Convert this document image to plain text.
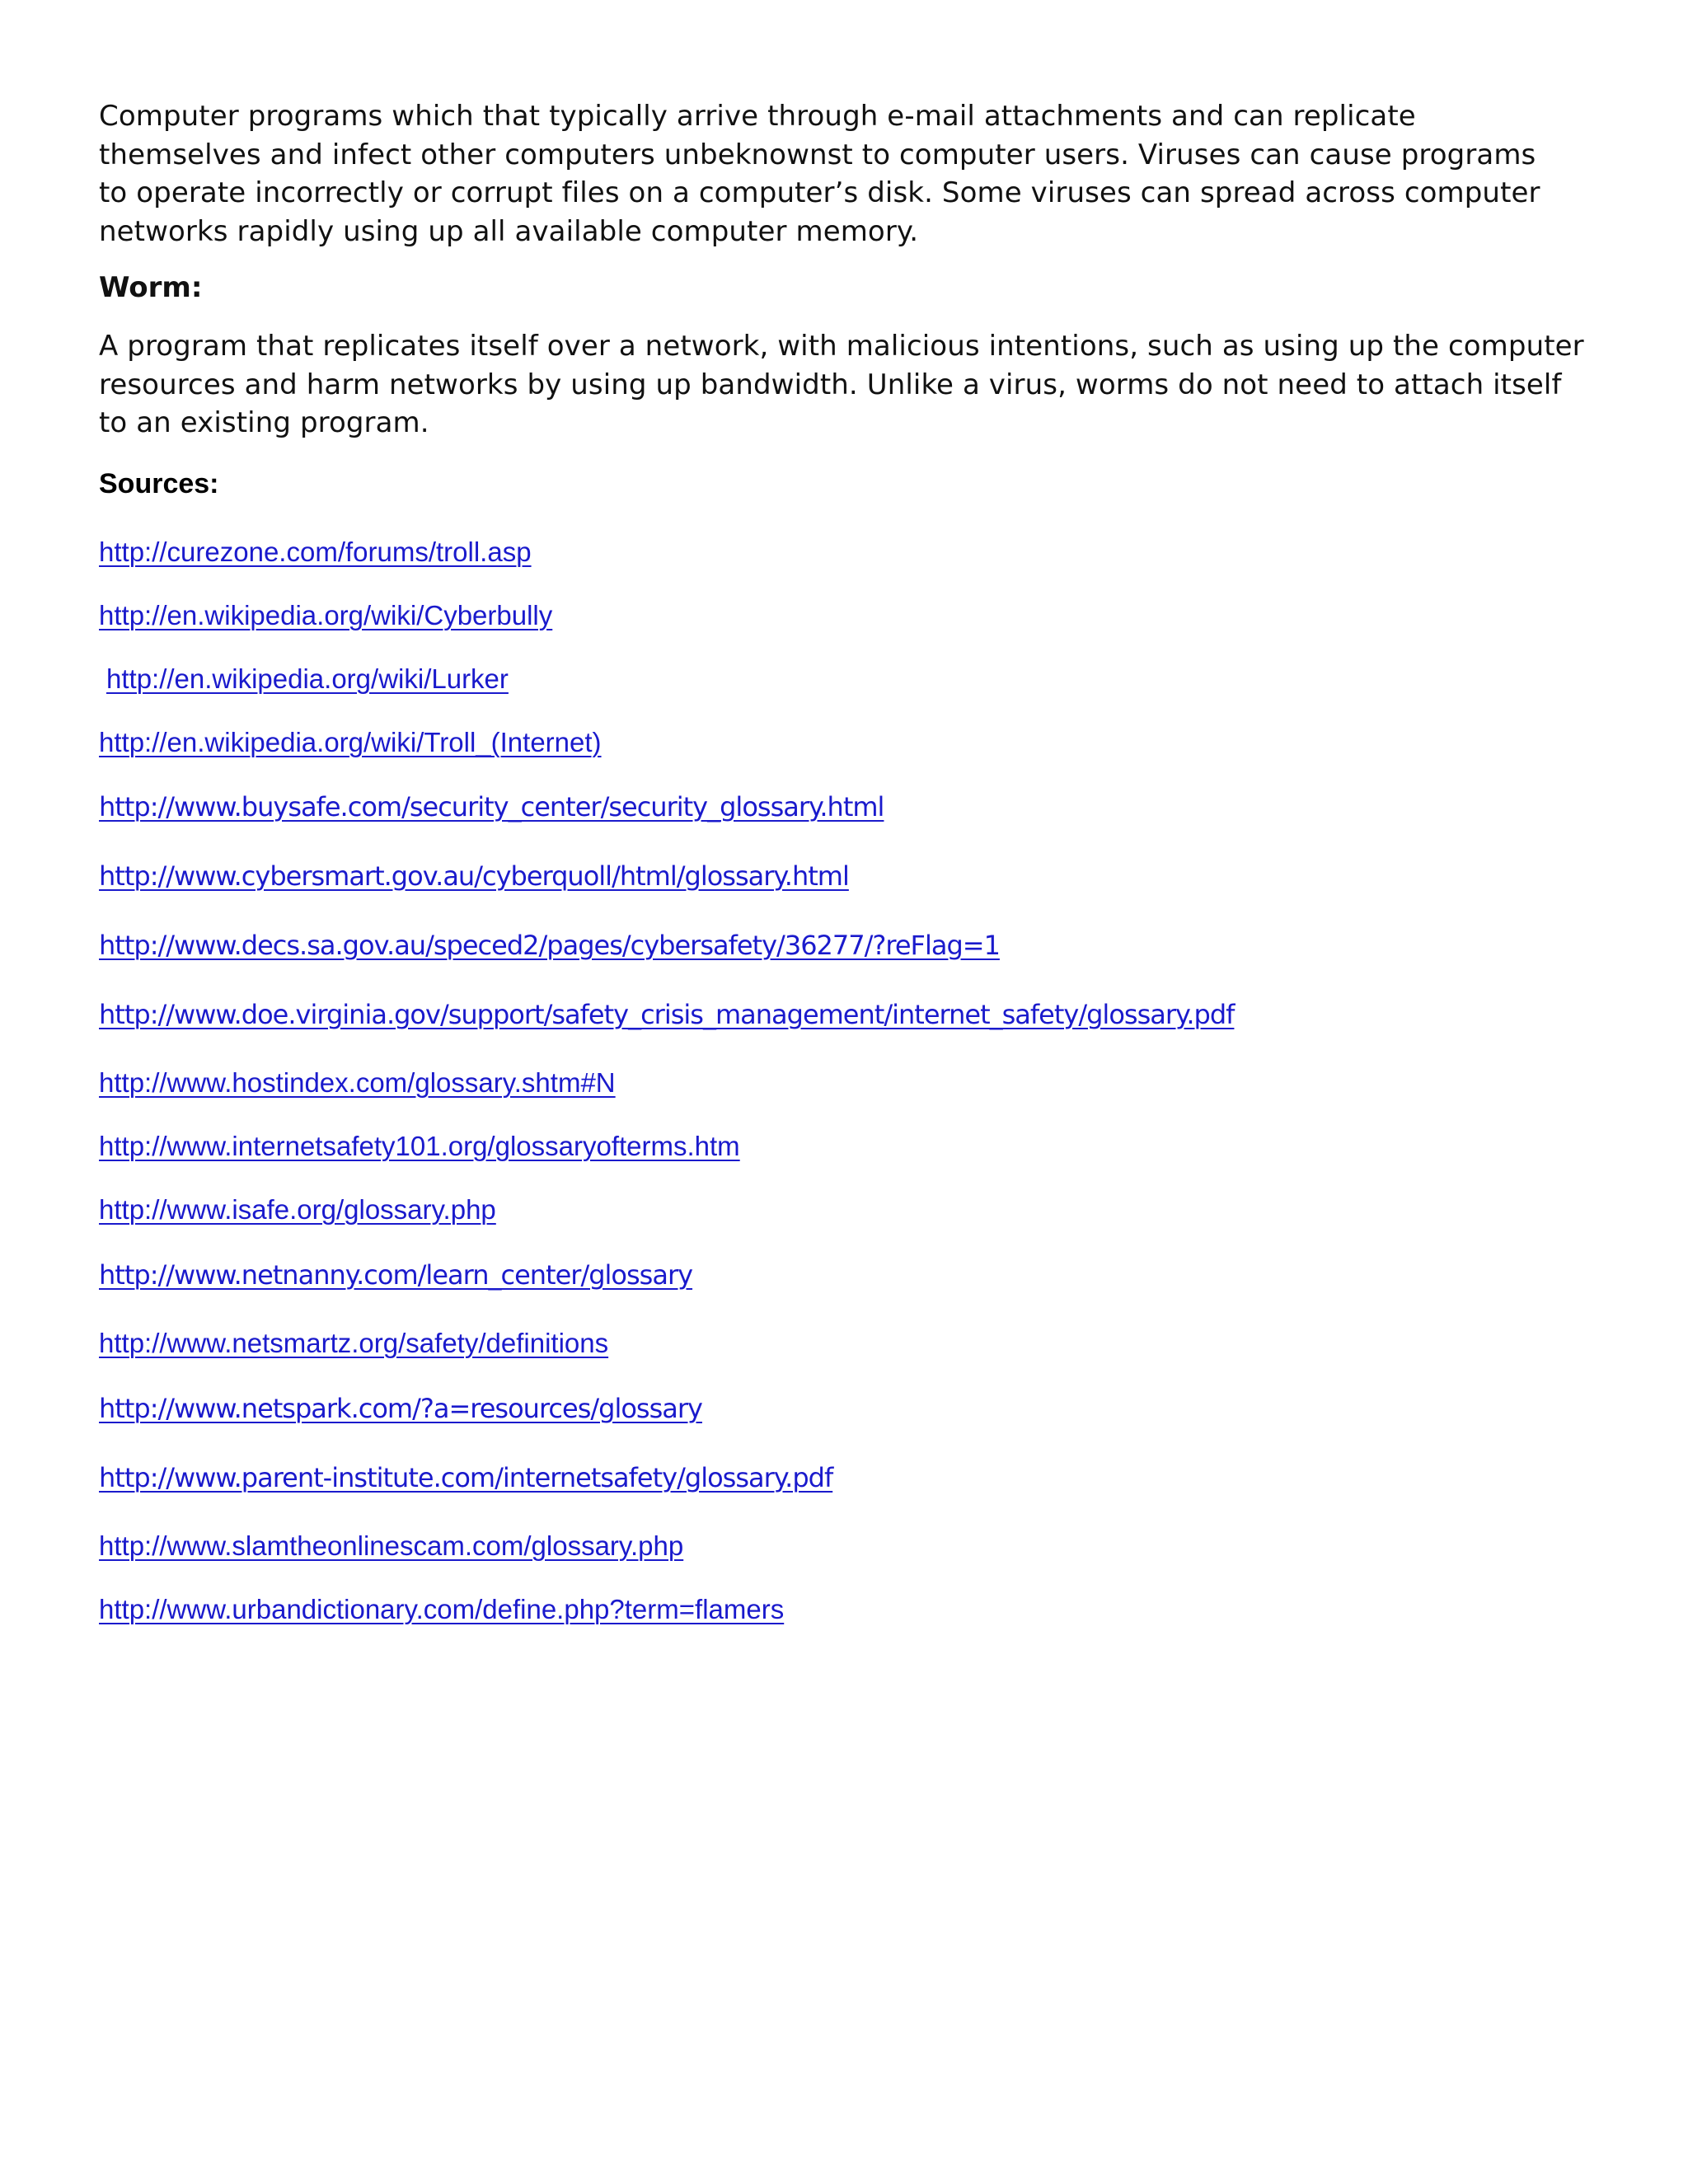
Computer programs which that typically arrive through e-mail attachments and can replicate themselves and infect other computers unbeknownst to computer users. Viruses can cause programs to operate incorrectly or corrupt files on a computer’s disk. Some viruses can spread across computer networks rapidly using up all available computer memory.

Worm:

A program that replicates itself over a network, with malicious intentions, such as using up the computer resources and harm networks by using up bandwidth. Unlike a virus, worms do not need to attach itself to an existing program.

Sources:

http://curezone.com/forums/troll.asp
http://en.wikipedia.org/wiki/Cyberbully
http://en.wikipedia.org/wiki/Lurker
http://en.wikipedia.org/wiki/Troll_(Internet)
http://www.buysafe.com/security_center/security_glossary.html
http://www.cybersmart.gov.au/cyberquoll/html/glossary.html
http://www.decs.sa.gov.au/speced2/pages/cybersafety/36277/?reFlag=1
http://www.doe.virginia.gov/support/safety_crisis_management/internet_safety/glossary.pdf
http://www.hostindex.com/glossary.shtm#N
http://www.internetsafety101.org/glossaryofterms.htm
http://www.isafe.org/glossary.php
http://www.netnanny.com/learn_center/glossary
http://www.netsmartz.org/safety/definitions
http://www.netspark.com/?a=resources/glossary
http://www.parent-institute.com/internetsafety/glossary.pdf
http://www.slamtheonlinescam.com/glossary.php
http://www.urbandictionary.com/define.php?term=flamers
